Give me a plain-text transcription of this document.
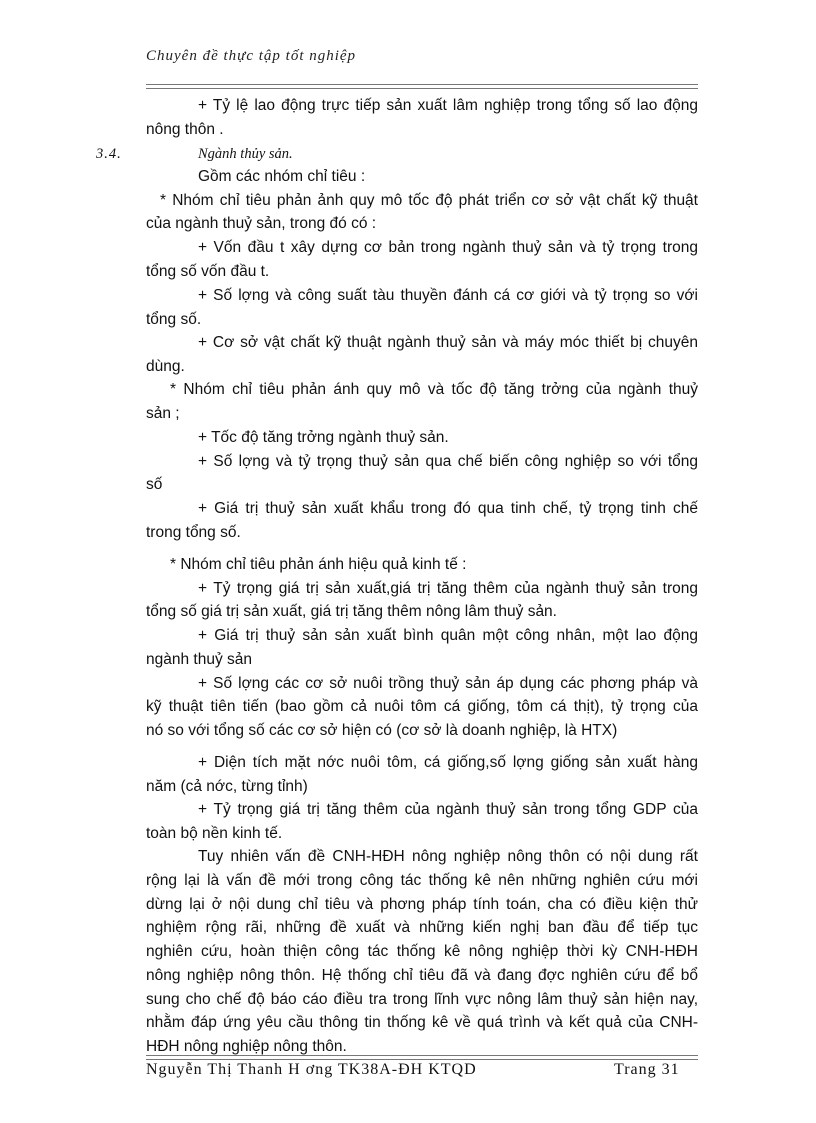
Chuyên đề thực tập tốt nghiệp
3.4.	Ngành thủy sản.
+ Tỷ lệ lao động trực tiếp sản xuất lâm nghiệp trong tổng số lao động
nông thôn .
Gồm các nhóm chỉ tiêu :
* Nhóm chỉ tiêu phản ảnh quy mô tốc độ phát triển cơ sở vật chất kỹ thuật
của ngành thuỷ sản, trong đó có :
+ Vốn đầu t xây dựng cơ bản trong ngành thuỷ sản và tỷ trọng trong
tổng số vốn đầu t.
+ Số lợng và công suất tàu thuyền đánh cá cơ giới và tỷ trọng so với
tổng số.
+ Cơ sở vật chất kỹ thuật ngành thuỷ sản và máy móc thiết bị chuyên
dùng.
* Nhóm chỉ tiêu phản ánh quy mô và tốc độ tăng trởng của ngành thuỷ
sản ;
+ Tốc độ tăng trởng ngành thuỷ sản.
+ Số lợng và tỷ trọng thuỷ sản qua chế biến công nghiệp so với tổng
số
+ Giá trị thuỷ sản xuất khẩu trong đó qua tinh chế, tỷ trọng tinh chế
trong tổng số.
* Nhóm chỉ tiêu phản ánh hiệu quả kinh tế :
+ Tỷ trọng giá trị sản xuất,giá trị tăng thêm của ngành thuỷ sản trong
tổng số giá trị sản xuất, giá trị tăng thêm nông lâm thuỷ sản.
+ Giá trị thuỷ sản sản xuất bình quân một công nhân, một lao động
ngành thuỷ sản
+ Số lợng các cơ sở nuôi trồng thuỷ sản áp dụng các phơng pháp và
kỹ thuật tiên tiến (bao gồm cả nuôi tôm cá giống, tôm cá thịt), tỷ trọng của
nó so với tổng số các cơ sở hiện có (cơ sở là doanh nghiệp, là HTX)
+ Diện tích mặt nớc nuôi tôm, cá giống,số lợng giống sản xuất hàng
năm (cả nớc, từng tỉnh)
+ Tỷ trọng giá trị tăng thêm của ngành thuỷ sản trong tổng GDP của
toàn bộ nền kinh tế.
Tuy nhiên vấn đề CNH-HĐH nông nghiệp nông thôn có nội dung rất
rộng lại là vấn đề mới trong công tác thống kê nên những nghiên cứu mới
dừng lại ở nội dung chỉ tiêu và phơng pháp tính toán, cha có điều kiện thử
nghiệm rộng rãi, những đề xuất và những kiến nghị ban đầu để tiếp tục
nghiên cứu, hoàn thiện công tác thống kê nông nghiệp thời kỳ CNH-HĐH
nông nghiệp nông thôn. Hệ thống chỉ tiêu đã và đang đợc nghiên cứu để bổ
sung cho chế độ báo cáo điều tra trong lĩnh vực nông lâm thuỷ sản hiện nay,
nhằm đáp ứng yêu cầu thông tin thống kê về quá trình và kết quả của CNH-
HĐH nông nghiệp nông thôn.
Nguyễn Thị Thanh H ơng TK38A-ĐH KTQD	Trang 31
